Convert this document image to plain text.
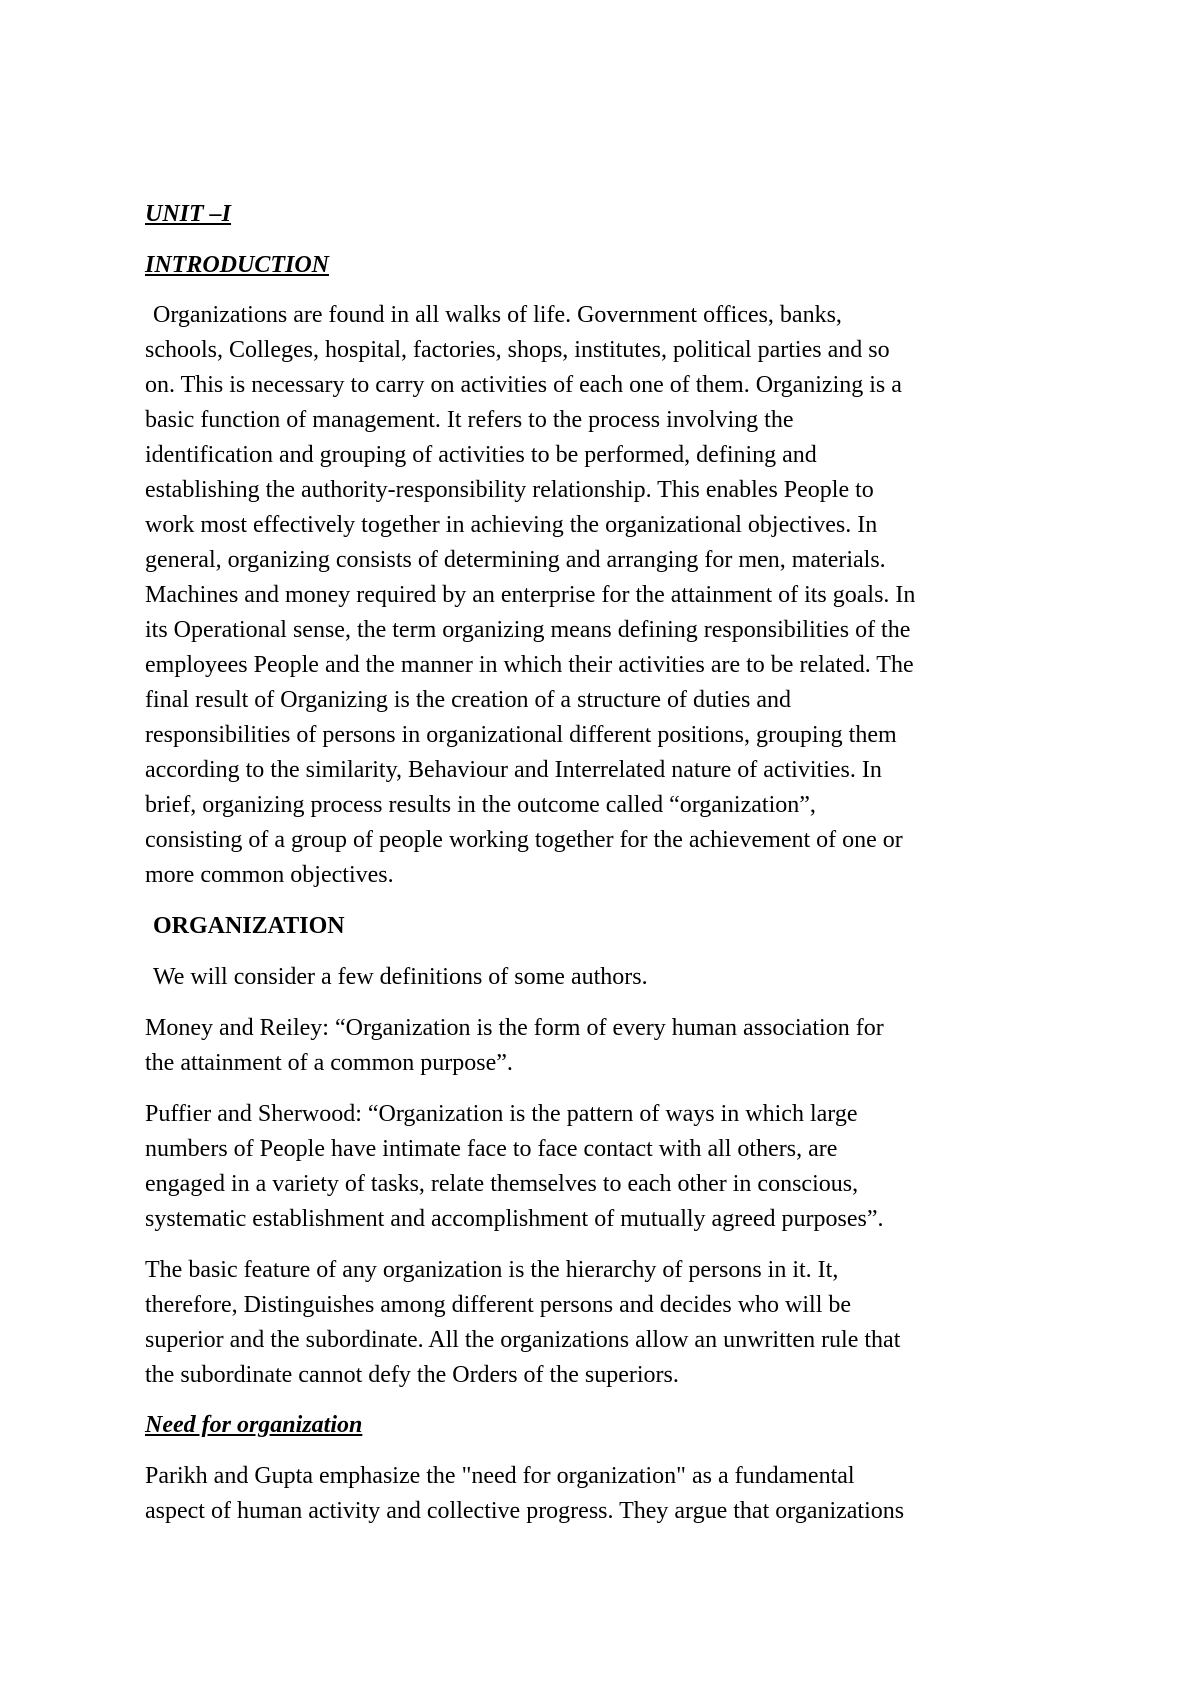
UNIT –I
INTRODUCTION
Organizations are found in all walks of life. Government offices, banks,
schools, Colleges, hospital, factories, shops, institutes, political parties and so
on. This is necessary to carry on activities of each one of them. Organizing is a
basic function of management. It refers to the process involving the
identification and grouping of activities to be performed, defining and
establishing the authority-responsibility relationship. This enables People to
work most effectively together in achieving the organizational objectives. In
general, organizing consists of determining and arranging for men, materials.
Machines and money required by an enterprise for the attainment of its goals. In
its Operational sense, the term organizing means defining responsibilities of the
employees People and the manner in which their activities are to be related. The
final result of Organizing is the creation of a structure of duties and
responsibilities of persons in organizational different positions, grouping them
according to the similarity, Behaviour and Interrelated nature of activities. In
brief, organizing process results in the outcome called “organization”,
consisting of a group of people working together for the achievement of one or
more common objectives.
ORGANIZATION
We will consider a few definitions of some authors.
Money and Reiley: “Organization is the form of every human association for
the attainment of a common purpose”.
Puffier and Sherwood: “Organization is the pattern of ways in which large
numbers of People have intimate face to face contact with all others, are
engaged in a variety of tasks, relate themselves to each other in conscious,
systematic establishment and accomplishment of mutually agreed purposes”.
The basic feature of any organization is the hierarchy of persons in it. It,
therefore, Distinguishes among different persons and decides who will be
superior and the subordinate. All the organizations allow an unwritten rule that
the subordinate cannot defy the Orders of the superiors.
Need for organization
Parikh and Gupta emphasize the "need for organization" as a fundamental
aspect of human activity and collective progress. They argue that organizations
